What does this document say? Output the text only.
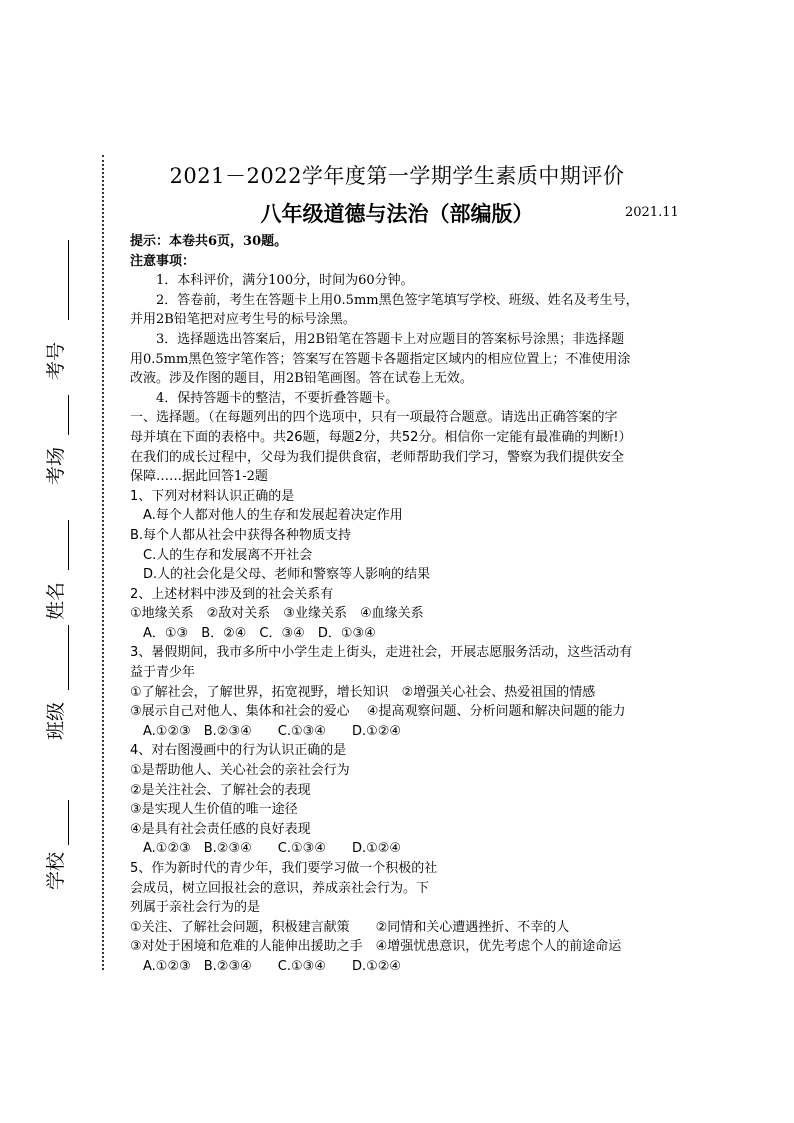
考号
考场
姓名
班级
学校
2021－2022学年度第一学期学生素质中期评价
八年级道德与法治（部编版）	2021.11

提示：本卷共6页，30题。

注意事项：

1．本科评价，满分100分，时间为60分钟。

2．答卷前，考生在答题卡上用0.5mm黑色签字笔填写学校、班级、姓名及考生号，

并用2B铅笔把对应考生号的标号涂黑。

3．选择题选出答案后，用2B铅笔在答题卡上对应题目的答案标号涂黑；非选择题

用0.5mm黑色签字笔作答；答案写在答题卡各题指定区域内的相应位置上；不准使用涂

改液。涉及作图的题目，用2B铅笔画图。答在试卷上无效。

4．保持答题卡的整洁，不要折叠答题卡。

一、选择题。（在每题列出的四个选项中，只有一项最符合题意。请选出正确答案的字

母并填在下面的表格中。共26题，每题2分，共52分。相信你一定能有最准确的判断!）

在我们的成长过程中，父母为我们提供食宿，老师帮助我们学习，警察为我们提供安全

保障……据此回答1-2题

1、下列对材料认识正确的是

A.每个人都对他人的生存和发展起着决定作用

B.每个人都从社会中获得各种物质支持

C.人的生存和发展离不开社会

D.人的社会化是父母、老师和警察等人影响的结果

2、上述材料中涉及到的社会关系有

①地缘关系　②敌对关系　③业缘关系　④血缘关系

A．①③　B．②④　C．③④　D．①③④

3、暑假期间，我市多所中小学生走上街头，走进社会，开展志愿服务活动，这些活动有

益于青少年

①了解社会，了解世界，拓宽视野，增长知识　②增强关心社会、热爱祖国的情感

③展示自己对他人、集体和社会的爱心　 ④提高观察问题、分析问题和解决问题的能力

A.①②③　B.②③④　　C.①③④　　D.①②④

4、对右图漫画中的行为认识正确的是

①是帮助他人、关心社会的亲社会行为

②是关注社会、了解社会的表现

③是实现人生价值的唯一途径

④是具有社会责任感的良好表现

A.①②③　B.②③④　　C.①③④　　D.①②④

5、作为新时代的青少年，我们要学习做一个积极的社

会成员，树立回报社会的意识，养成亲社会行为。下

列属于亲社会行为的是

①关注、了解社会问题，积极建言献策　　②同情和关心遭遇挫折、不幸的人

③对处于困境和危难的人能伸出援助之手　④增强忧患意识，优先考虑个人的前途命运

A.①②③　B.②③④　　C.①③④　　D.①②④
